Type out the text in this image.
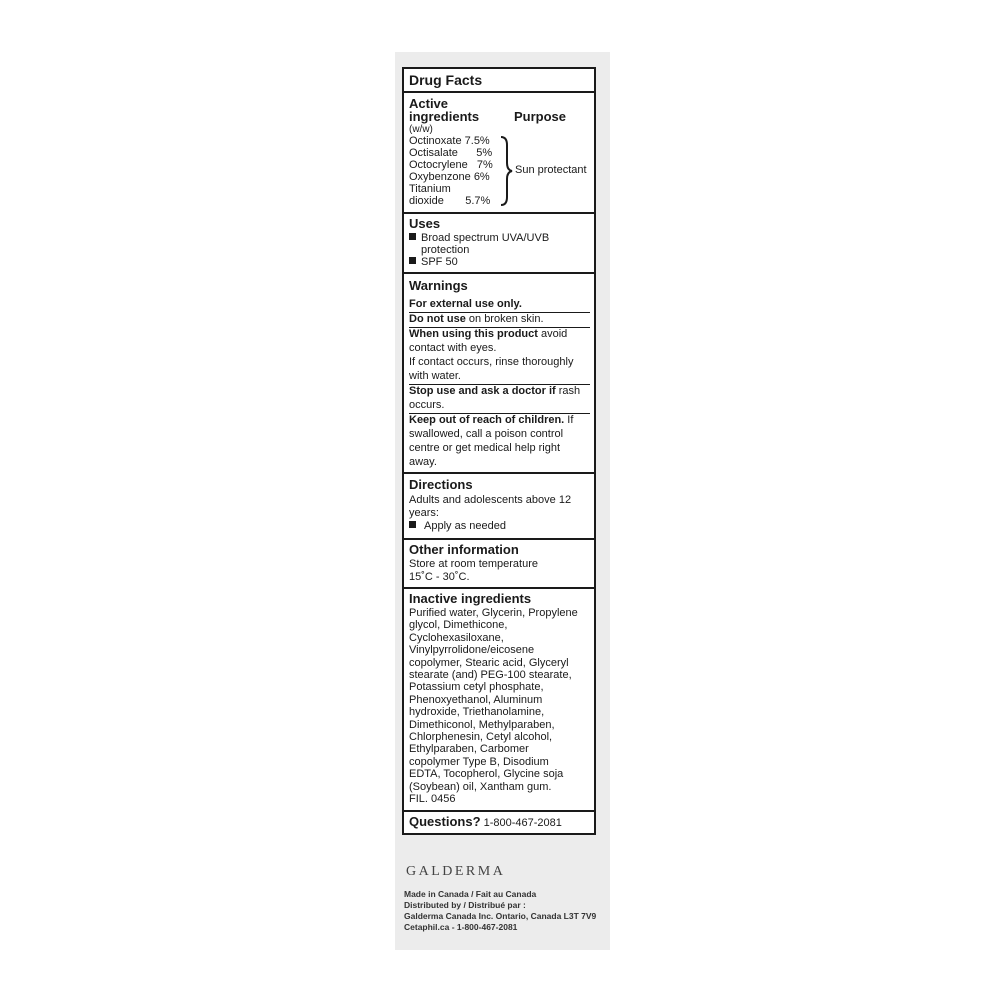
Drug Facts
Active
ingredients	Purpose
(w/w)
Octinoxate 7.5%
Octisalate      5%
Octocrylene   7%
Oxybenzone 6%
Titanium
dioxide       5.7%
Sun protectant
Uses
Broad spectrum UVA/UVB
protection
SPF 50
Warnings
For external use only.
Do not use on broken skin.
When using this product avoid
contact with eyes.
If contact occurs, rinse thoroughly
with water.
Stop use and ask a doctor if rash
occurs.
Keep out of reach of children. If
swallowed, call a poison control
centre or get medical help right
away.
Directions
Adults and adolescents above 12
years:
Apply as needed
Other information
Store at room temperature
15˚C - 30˚C.
Inactive ingredients
Purified water, Glycerin, Propylene
glycol, Dimethicone,
Cyclohexasiloxane,
Vinylpyrrolidone/eicosene
copolymer, Stearic acid, Glyceryl
stearate (and) PEG-100 stearate,
Potassium cetyl phosphate,
Phenoxyethanol, Aluminum
hydroxide, Triethanolamine,
Dimethiconol, Methylparaben,
Chlorphenesin, Cetyl alcohol,
Ethylparaben, Carbomer
copolymer Type B, Disodium
EDTA, Tocopherol, Glycine soja
(Soybean) oil, Xantham gum.
FIL. 0456
Questions? 1-800-467-2081
GALDERMA
Made in Canada / Fait au Canada
Distributed by / Distribué par :
Galderma Canada Inc. Ontario, Canada L3T 7V9
Cetaphil.ca - 1-800-467-2081
